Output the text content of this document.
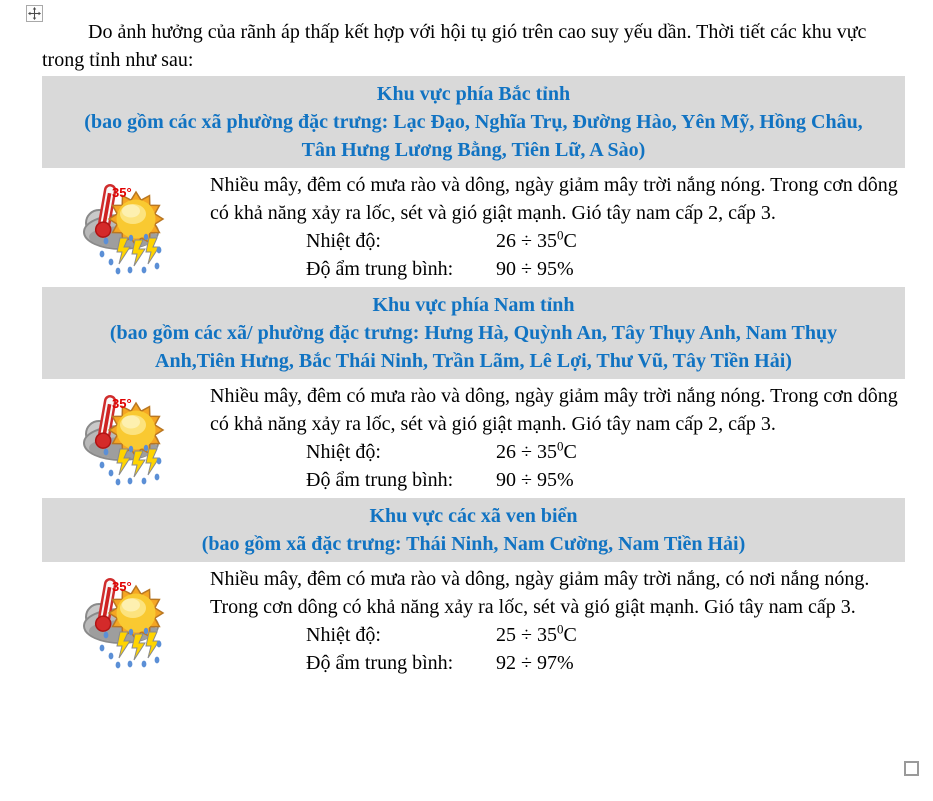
Do ảnh hưởng của rãnh áp thấp kết hợp với hội tụ gió trên cao suy yếu dần. Thời tiết các khu vực trong tỉnh như sau:

Khu vực phía Bắc tỉnh
(bao gồm các xã phường đặc trưng: Lạc Đạo, Nghĩa Trụ, Đường Hào, Yên Mỹ, Hồng Châu, Tân Hưng Lương Bằng, Tiên Lữ, A Sào)

Nhiều mây, đêm có mưa rào và dông, ngày giảm mây trời nắng nóng. Trong cơn dông có khả năng xảy ra lốc, sét và gió giật mạnh. Gió tây nam cấp 2, cấp 3.

Nhiệt độ:	$26 \div 35^0C$
Độ ẩm trung bình:	90 ÷ 95%
Khu vực phía Nam tỉnh
(bao gồm các xã/ phường đặc trưng: Hưng Hà, Quỳnh An, Tây Thụy Anh, Nam Thụy Anh,Tiên Hưng, Bắc Thái Ninh, Trần Lãm, Lê Lợi, Thư Vũ, Tây Tiền Hải)

Nhiều mây, đêm có mưa rào và dông, ngày giảm mây trời nắng nóng. Trong cơn dông có khả năng xảy ra lốc, sét và gió giật mạnh. Gió tây nam cấp 2, cấp 3.

Nhiệt độ:	$26 \div 35^0C$
Độ ẩm trung bình:	90 ÷ 95%
Khu vực các xã ven biển
(bao gồm xã đặc trưng: Thái Ninh, Nam Cường, Nam Tiền Hải)

Nhiều mây, đêm có mưa rào và dông, ngày giảm mây trời nắng, có nơi nắng nóng. Trong cơn dông có khả năng xảy ra lốc, sét và gió giật mạnh. Gió tây nam cấp 3.

Nhiệt độ:	$25 \div 35^0C$
Độ ẩm trung bình:	92 ÷ 97%
